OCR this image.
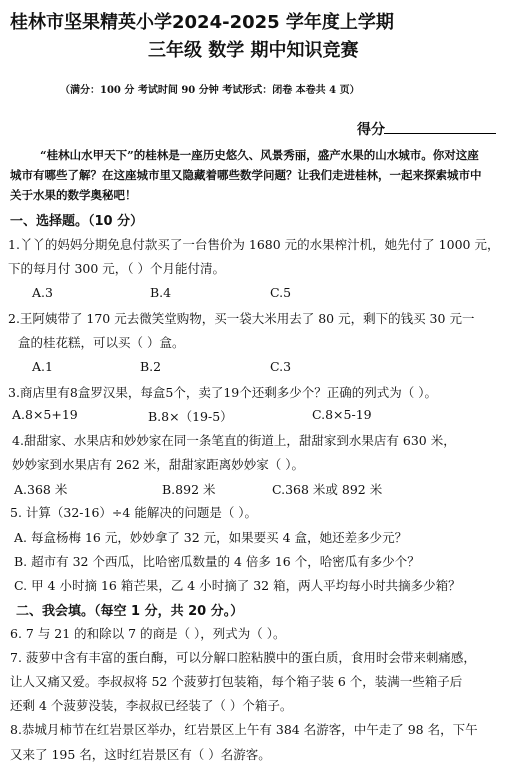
桂林市坚果精英小学2024-2025 学年度上学期
三年级 数学 期中知识竞赛
（满分：100 分 考试时间 90 分钟 考试形式：闭卷 本卷共 4 页）
得分
“桂林山水甲天下”的桂林是一座历史悠久、风景秀丽，盛产水果的山水城市。你对这座
城市有哪些了解？在这座城市里又隐藏着哪些数学问题？让我们走进桂林，一起来探索城市中
关于水果的数学奥秘吧！
一、选择题。（10 分）
1.丫丫的妈妈分期免息付款买了一台售价为 1680 元的水果榨汁机，她先付了 1000 元，
下的每月付 300 元，（ ）个月能付清。
A.3	B.4	C.5
2.王阿姨带了 170 元去微笑堂购物，买一袋大米用去了 80 元，剩下的钱买 30 元一
盒的桂花糕，可以买（ ）盒。
A.1	B.2	C.3
3.商店里有8盒罗汉果，每盒5个，卖了19个还剩多少个？正确的列式为（ ）。
A.8×5+19	B.8×（19-5）	C.8×5-19
4.甜甜家、水果店和妙妙家在同一条笔直的街道上，甜甜家到水果店有 630 米，
妙妙家到水果店有 262 米，甜甜家距离妙妙家（ ）。
A.368 米	B.892 米	C.368 米或 892 米
5. 计算（32-16）÷4 能解决的问题是（ ）。
A. 每盒杨梅 16 元，妙妙拿了 32 元，如果要买 4 盒，她还差多少元？
B. 超市有 32 个西瓜，比哈密瓜数量的 4 倍多 16 个，哈密瓜有多少个？
C. 甲 4 小时摘 16 箱芒果，乙 4 小时摘了 32 箱，两人平均每小时共摘多少箱？
二、我会填。（每空 1 分，共 20 分。）
6. 7 与 21 的和除以 7 的商是（ ），列式为（ ）。
7. 菠萝中含有丰富的蛋白酶，可以分解口腔粘膜中的蛋白质，食用时会带来刺痛感，
让人又痛又爱。李叔叔将 52 个菠萝打包装箱，每个箱子装 6 个，装满一些箱子后
还剩 4 个菠萝没装，李叔叔已经装了（ ）个箱子。
8.恭城月柿节在红岩景区举办，红岩景区上午有 384 名游客，中午走了 98 名，下午
又来了 195 名，这时红岩景区有（ ）名游客。
